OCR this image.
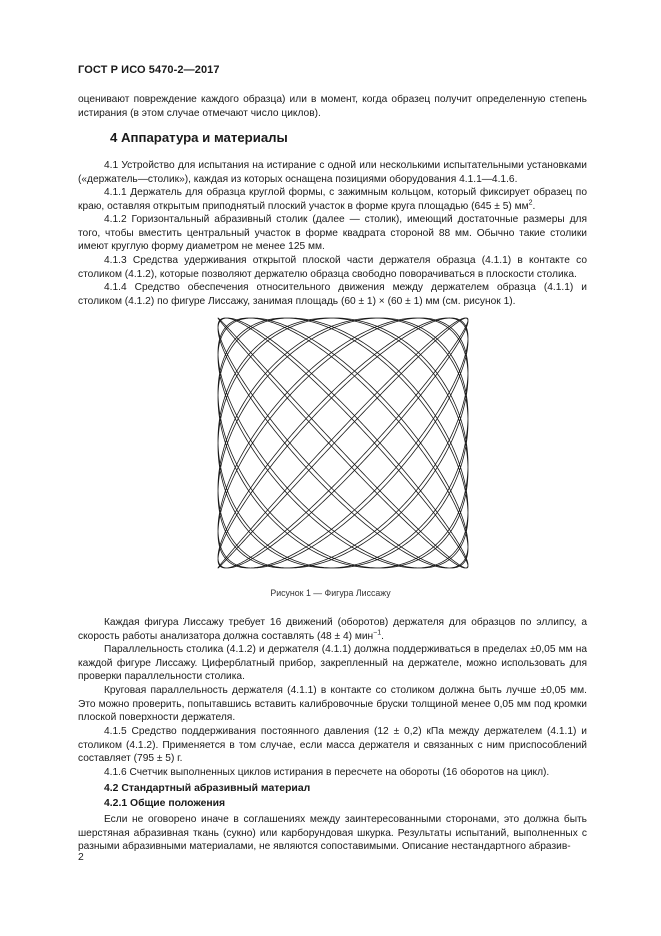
ГОСТ Р ИСО 5470-2—2017

оценивают повреждение каждого образца) или в момент, когда образец получит определенную степень истирания (в этом случае отмечают число циклов).

4 Аппаратура и материалы

4.1 Устройство для испытания на истирание с одной или несколькими испытательными установками («держатель—столик»), каждая из которых оснащена позициями оборудования 4.1.1—4.1.6.

4.1.1 Держатель для образца круглой формы, с зажимным кольцом, который фиксирует образец по краю, оставляя открытым приподнятый плоский участок в форме круга площадью (645 ± 5) $мм^2$.

4.1.2 Горизонтальный абразивный столик (далее — столик), имеющий достаточные размеры для того, чтобы вместить центральный участок в форме квадрата стороной 88 мм. Обычно такие столики имеют круглую форму диаметром не менее 125 мм.

4.1.3 Средства удерживания открытой плоской части держателя образца (4.1.1) в контакте со столиком (4.1.2), которые позволяют держателю образца свободно поворачиваться в плоскости столика.

4.1.4 Средство обеспечения относительного движения между держателем образца (4.1.1) и столиком (4.1.2) по фигуре Лиссажу, занимая площадь (60 ± 1) × (60 ± 1) мм (см. рисунок 1).

Рисунок 1 — Фигура Лиссажу

Каждая фигура Лиссажу требует 16 движений (оборотов) держателя для образцов по эллипсу, а скорость работы анализатора должна составлять (48 ± 4) мин$^{-1}$.

Параллельность столика (4.1.2) и держателя (4.1.1) должна поддерживаться в пределах ±0,05 мм на каждой фигуре Лиссажу. Циферблатный прибор, закрепленный на держателе, можно использовать для проверки параллельности столика.

Круговая параллельность держателя (4.1.1) в контакте со столиком должна быть лучше ±0,05 мм. Это можно проверить, попытавшись вставить калибровочные бруски толщиной менее 0,05 мм под кромки плоской поверхности держателя.

4.1.5 Средство поддерживания постоянного давления (12 ± 0,2) кПа между держателем (4.1.1) и столиком (4.1.2). Применяется в том случае, если масса держателя и связанных с ним приспособлений составляет (795 ± 5) г.

4.1.6 Счетчик выполненных циклов истирания в пересчете на обороты (16 оборотов на цикл).

4.2 Стандартный абразивный материал
4.2.1 Общие положения

Если не оговорено иначе в соглашениях между заинтересованными сторонами, это должна быть шерстяная абразивная ткань (сукно) или карборундовая шкурка. Результаты испытаний, выполненных с разными абразивными материалами, не являются сопоставимыми. Описание нестандартного абразив-

2
